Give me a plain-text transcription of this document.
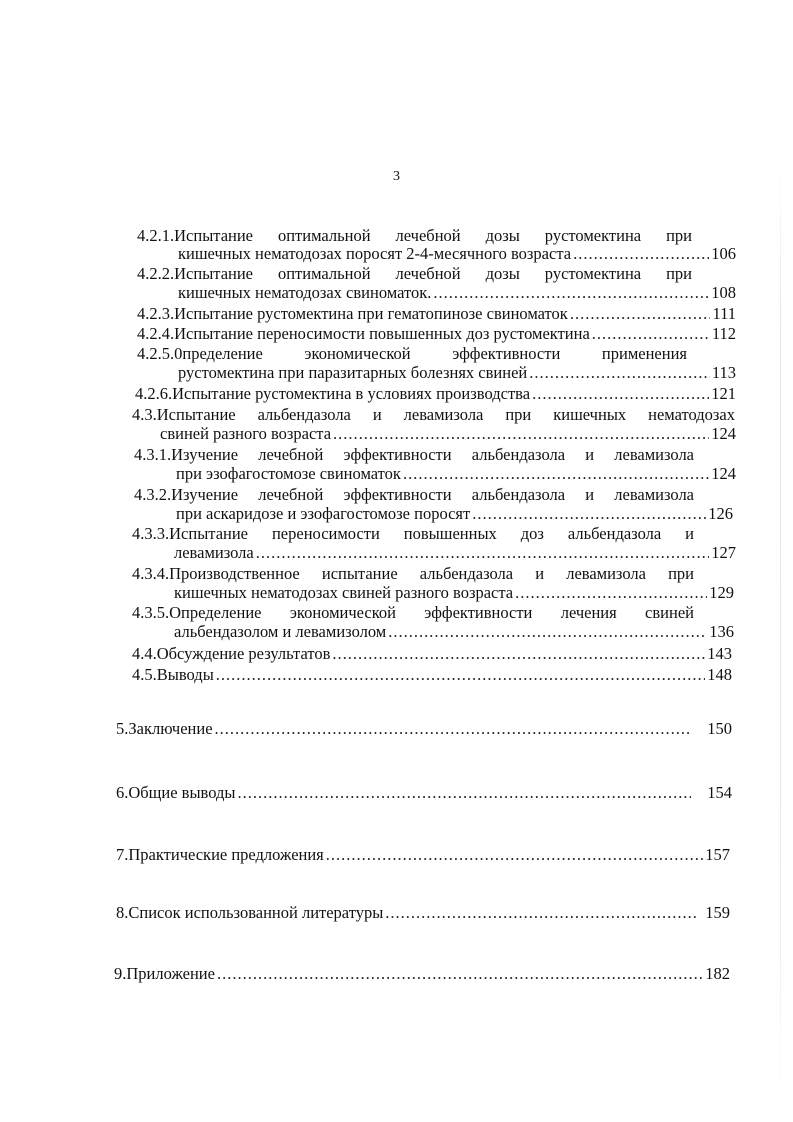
3
4.2.1.Испытание оптимальной лечебной дозы рустомектина при
кишечных нематодозах поросят 2-4-месячного возраста .....	106
4.2.2.Испытание оптимальной лечебной дозы рустомектина при
кишечных нематодозах свиноматок. .....	108
4.2.3.Испытание рустомектина при гематопинозе свиноматок .....	111
4.2.4.Испытание переносимости повышенных доз рустомектина .....	112
4.2.5.0пределение экономической эффективности применения
рустомектина при паразитарных болезнях свиней .....	113
4.2.6.Испытание рустомектина в условиях производства .....	121
4.3.Испытание альбендазола и левамизола при кишечных нематодозах
свиней разного возраста .....	124
4.3.1.Изучение лечебной эффективности альбендазола и левамизола
при эзофагостомозе свиноматок .....	124
4.3.2.Изучение лечебной эффективности альбендазола и левамизола
при аскаридозе и эзофагостомозе поросят .....	126
4.3.3.Испытание переносимости повышенных доз альбендазола и
левамизола .....	127
4.3.4.Производственное испытание альбендазола и левамизола при
кишечных нематодозах свиней разного возраста .....	129
4.3.5.Определение экономической эффективности лечения свиней
альбендазолом и левамизолом .....	136
4.4.Обсуждение результатов .....	143
4.5.Выводы .....	148
5.Заключение .....	150
6.Общие выводы .....	154
7.Практические предложения .....	157
8.Список использованной литературы .....	159
9.Приложение .....	182
